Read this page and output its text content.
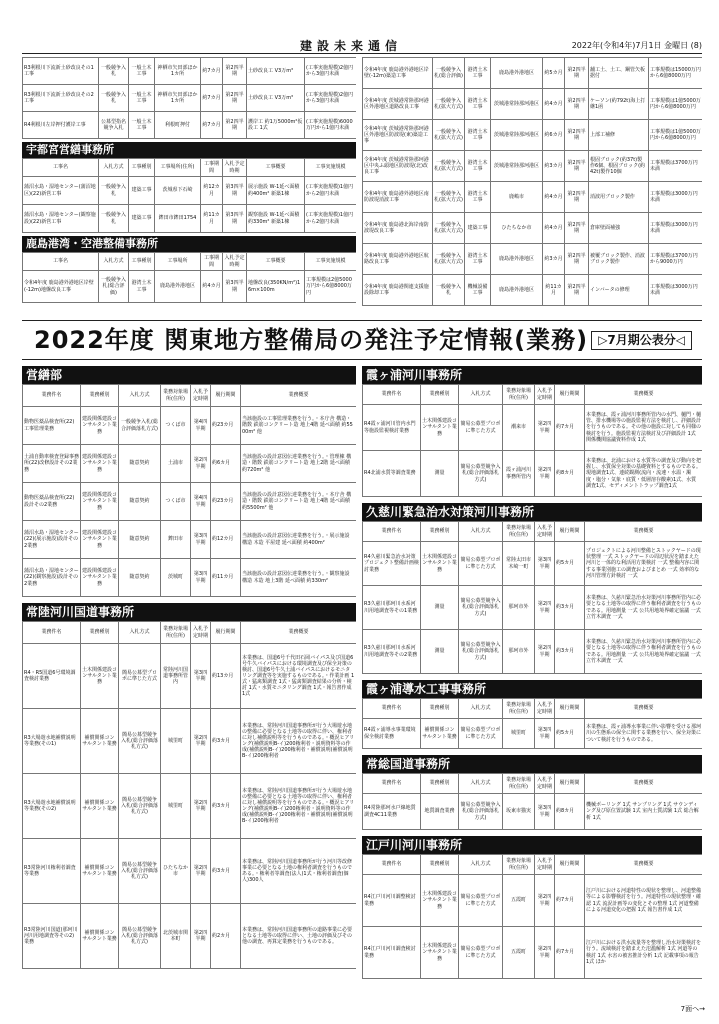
建設未来通信	2022年(令和4年)7月1日 金曜日 (8)
R3利根川下流新土砂改良その1工事	一般競争入札	一般土木工事	神栖市矢田部ほか1カ所	約7カ月	第2四半期	土砂改良工 V3万m³	(工事実施規模)2億円から3億円未満
R3利根川下流新土砂改良その2工事	一般競争入札	一般土木工事	神栖市矢田部ほか1カ所	約7カ月	第2四半期	土砂改良工 V3万m³	(工事実施規模)2億円から3億円未満
R4利根川左岸押付護岸工事	公募型指名競争入札	一般土木工事	利根町押付	約7カ月	第2四半期	護岸工 約1万5000m²仮設工 1式	(工事実施規模)6000万円から1億円未満
宇都宮営繕事務所
工事名	入札方式	工事種別	工事場所(住所)	工事期間	入札予定時期	工事概要	工事実施規模
蒲沼水島・湿地センター(蒲沼地区)(22)新営工事	一般競争入札	建築工事	茨城県下石崎	約12カ月	第3四半期	展示施設 W-1延べ面積 約400m² 新築1棟	(工事実施規模)1億円から2億円未満
蒲沼水島・湿地センター(観察施設)(22)新営工事	一般競争入札	建築工事	鉾田市鉾田1754	約11カ月	第3四半期	観察施設 W-1延べ面積 約330m² 新築1棟	(工事実施規模)1億円から2億円未満
鹿島港湾・空港整備事務所
工事名	入札方式	工事種別	工事場所	工事期間	入札予定時期	工事概要	工事実施規模
令和4年度 鹿島港外港地区岸壁(-12m)地盤改良工事	一般競争入札(総合評価)	港湾土木工事	鹿島港外港地区	約4カ月	第3四半期	地盤改良(350KN/m²)16m×100m	工事規模は2億5000万円から6億8000万円
令和4年度 鹿島港外港地区岸壁(-12m)築造工事	一般競争入札(総合評価)	港湾土木工事	鹿島港外港地区	約5カ月	第2四半期	舗工土、土工、鋼管矢板据付	工事規模は15000万円から6億8000万円
令和4年度 茨城港常陸那珂港区外港地区道路改良工事	一般競争入札(拡大方式)	港湾土木工事	茨城港常陸那珂港区	約4カ月	第2四半期	ケーソン(約792t)海上打継1函	工事規模は1億5000万円から6億8000万円
令和4年度 茨城港常陸那珂港区外港地区防波堤(東)築造工事	一般競争入札(拡大方式)	港湾土木工事	茨城港常陸那珂港区	約6カ月	第2四半期	上部工補修	工事規模は1億5000万円から6億8000万円
令和4年度 茨城港常陸那珂港区中央ふ頭地区防波堤(北)改良工事	一般競争入札(拡大方式)	港湾土木工事	茨城港常陸那珂港区	約3カ月	第2四半期	根固ブロック(約37t)製作6個、根固ブロック(約42t)製作10個	工事規模は3700万円未満
令和4年度 鹿島港外港地区南防波堤消波工事	一般競争入札(拡大方式)	港湾土木工事	鹿嶋市	約4カ月	第2四半期	消波用ブロック製作	工事規模は3000万円未満
令和4年度 鹿島港北海岸南防波堤改良工事	一般競争入札(拡大方式)	建築工事	ひたちなか市	約4カ月	第2四半期	倉庫壁面補強	工事規模は3000万円未満
令和4年度 鹿島港外港地区航路改良工事	一般競争入札(拡大方式)	港湾土木工事	鹿島港外港地区	約3カ月	第2四半期	被覆ブロック製作、消波ブロック製作	工事規模は3700万円から9000万円
令和4年度 鹿島港関連支援施設除却工事	一般競争入札	機械設備工事	鹿島港外港地区	約11カ月	第2四半期	インバータの修理	工事規模は3000万円未満
2022年度 関東地方整備局の発注予定情報(業務) ▷7月期公表分◁
営繕部
業務件名	業務種別	入札方式	業務対象場所(住所)	入札予定時期	履行期間	業務概要
動物医薬品検査所(22)工事監理業務	建設関係建設コンサルタント業務	一般競争入札(総合評価落札方式)	つくば市	第4四半期	約23カ月	当該施設の工事監理業務を行う。・本庁舎 構造・階数 鉄筋コンクリート造 地上4階 延べ面積 約5500m² 他
土浦自動車検査登録事務所(22)改修設計その2業務	建設関係建設コンサルタント業務	随意契約	土浦市	第2四半期	約6カ月	当該施設の設計意図伝達業務を行う。・管理棟 構造・階数 鉄筋コンクリート造 地上2階 延べ面積 約720m² 他
動物医薬品検査所(22)設計その2業務	建設関係建設コンサルタント業務	随意契約	つくば市	第4四半期	約23カ月	当該施設の設計意図伝達業務を行う。・本庁舎 構造・階数 鉄筋コンクリート造 地上4階 延べ面積 約5500m² 他
蒲沼水島・湿地センター(22)(展示施設)設計その2業務	建設関係建設コンサルタント業務	随意契約	鉾田市	第3四半期	約12カ月	当該施設の設計意図伝達業務を行う。・展示施設 構造 木造 平屋建 延べ面積 約400m²
蒲沼水島・湿地センター(22)(観察施設)設計その2業務	建設関係建設コンサルタント業務	随意契約	茨城町	第3四半期	約11カ月	当該施設の設計意図伝達業務を行う。・観察施設 構造 木造 地上3階 延べ面積 約330m²
常陸河川国道事務所
業務件名	業務種別	入札方式	業務対象場所(住所)	入札予定時期	履行期間	業務概要
R4・R5国道6号環境調査検討業務	土木関係建設コンサルタント業務	簡易公募型プロポに準じた方式	常陸河川国道事務所管内	第3四半期	約13カ月	本業務は、国道6号千代田石岡バイパス及び国道6号牛久バイパスにおける環境調査及び保全対策の検討、国道6号牛久土浦バイパスにおけるモニタリング調査等を実施するものである。・作業計画 1式・猛禽類調査 1式・猛禽類調査結果の分析・検討 1式・水質モニタリング調査 1式・報告書作成 1式
R3大場遊水地補償説明等業務(その1)	補償関係コンサルタント業務	簡易公募型競争入札(総合評価落札方式)	城里町	第2四半期	約3カ月	本業務は、常陸河川国道事務所が行う大場遊水地の整備に必要となる土地等の取得に伴い、権利者に対し補償説明等を行うものである。・概況ヒアリング(補償説明B-イ)200権利者・説明資料等の作成(補償説明B-イ)200権利者・補償説明(補償説明B-イ)200権利者
R3大場遊水地補償説明等業務(その2)	補償関係コンサルタント業務	簡易公募型競争入札(総合評価落札方式)	城里町	第2四半期	約3カ月	本業務は、常陸河川国道事務所が行う大場遊水地の整備に必要となる土地等の取得に伴い、権利者に対し補償説明等を行うものである。・概況ヒアリング(補償説明B-イ)200権利者・説明資料等の作成(補償説明B-イ)200権利者・補償説明(補償説明B-イ)200権利者
R3常陸河川権利者調査等業務	補償関係コンサルタント業務	簡易公募型競争入札(総合評価落札方式)	ひたちなか市	第2四半期	約3カ月	本業務は、常陸河川国道事務所が行う河川等改修事業に必要となる土地の権利者調査を行うものである。・権利者等調査(法人)1式・権利者調査(個人)300人
R3常陸河川国道(那珂川河川用地調査等その2)業務	補償関係コンサルタント業務	簡易公募型競争入札(総合評価落札方式)	北茨城市関本町	第2四半期	約2カ月	本業務は、常陸河川国道事務所の道路事業に必要となる土地等の取得に伴い、土地の評価及びその他の調査、再算定業務を行うものである。
霞ヶ浦河川事務所
業務件名	業務種別	入札方式	業務対象場所(住所)	入札予定時期	履行期間	業務概要
R4霞ヶ浦河川管内水門等施設監視検討業務	土木関係建設コンサルタント業務	簡易公募型プロポに準じた方式	潮来市	第2四半期	約7カ月	本業務は、霞ヶ浦河川事務所管内の水門、樋門・樋管、排水機場等の施設監視方法を検討し、詳細設計を行うものである。その他の施設に対しても同様の検討を行う。施設監視方法検討及び詳細設計 1式 関係機関協議資料作成 1式
R4北浦水質等調査業務	測量	簡易公募型競争入札(総合評価落札方式)	霞ヶ浦河川事務所管内	第2四半期	約8カ月	本業務は、北浦における水質等の調査及び動向を把握し、水質保全対策の基礎資料とするものである。現地調査1式、連続観測(流向・流速・水温・濁度・塩分・気象・底質・低層溶存酸素)1式、水質調査1式、セディメントトラップ調査1式
久慈川緊急治水対策河川事務所
業務件名	業務種別	入札方式	業務対象場所(住所)	入札予定時期	履行期間	業務概要
R4久慈川緊急治水対策プロジェクト整備計画検討業務	土木関係建設コンサルタント業務	簡易公募型プロポに準じた方式	常陸太田市木崎一町	第3四半期	約5カ月	プロジェクトによる河川整備とストックヤードの現状整理 一式 ストックヤードの周辺状況を踏まえた河川と一体的な利活用方策検討 一式 整備内容に関する事業別施工の調査およびまとめ 一式 効率的な河川管理方針検討 一式
R3久慈川那珂川水系河川用地調査等その1業務	測量	簡易公募型競争入札(総合評価落札方式)	那珂市外	第2四半期	約3カ月	本業務は、久慈川緊急治水対策河川事務所管内に必要となる土地等の取得に伴う権利者調査を行うものである。用地測量 一式 公共用地境界確定協議 一式 立竹木調査 一式
R3久慈川那珂川水系河川用地調査等その2業務	測量	簡易公募型競争入札(総合評価落札方式)	那珂市外	第2四半期	約3カ月	本業務は、久慈川緊急治水対策河川事務所管内に必要となる土地等の取得に伴う権利者調査を行うものである。用地測量 一式 公共用地境界確定協議 一式 立竹木調査 一式
霞ヶ浦導水工事事務所
業務件名	業務種別	入札方式	業務対象場所(住所)	入札予定時期	履行期間	業務概要
R4霞ヶ浦導水事業環境保全検討業務	補償関係コンサルタント業務	簡易公募型プロポに準じた方式	城里町	第3四半期	約5カ月	本業務は、霞ヶ浦導水事業に伴い影響を受ける那珂川の生態系の保全に関する業務を行い、保全対策について検討を行うものである。
常総国道事務所
業務件名	業務種別	入札方式	業務対象場所(住所)	入札予定時期	履行期間	業務概要
R4常陸那珂水戸線地質調査4C11業務	地質調査業務	簡易公募型競争入札(総合評価落札方式)	坂東市猫実	第3四半期	約8カ月	機械ボーリング 1式 サンプリング 1式 サウンディング及び原位置試験 1式 室内土質試験 1式 総合解析 1式
江戸川河川事務所
業務件名	業務種別	入札方式	業務対象場所(住所)	入札予定時期	履行期間	業務概要
R4江戸川河川調整検討業務	土木関係建設コンサルタント業務	簡易公募型プロポに準じた方式	五霞町	第2四半期	約7カ月	江戸川における河道特性の現状を整理し、河道整備等による影響検討を行う。河道特性の現状整理・確認 1式 流況計画等の変化とその整理 1式 河道整備による河道変化の把握 1式 報告書作成 1式
R4江戸川河川調査検討業務	土木関係建設コンサルタント業務	簡易公募型プロポに準じた方式	五霞町	第2四半期	約7カ月	江戸川における洪水流量等を整理し治水対策検討を行う。流域検討を踏まえた氾濫解析 1式 河道等の検討 1式 水害の被害推計分析 1式 記載事項の報告 1式 ほか
7面へ→
